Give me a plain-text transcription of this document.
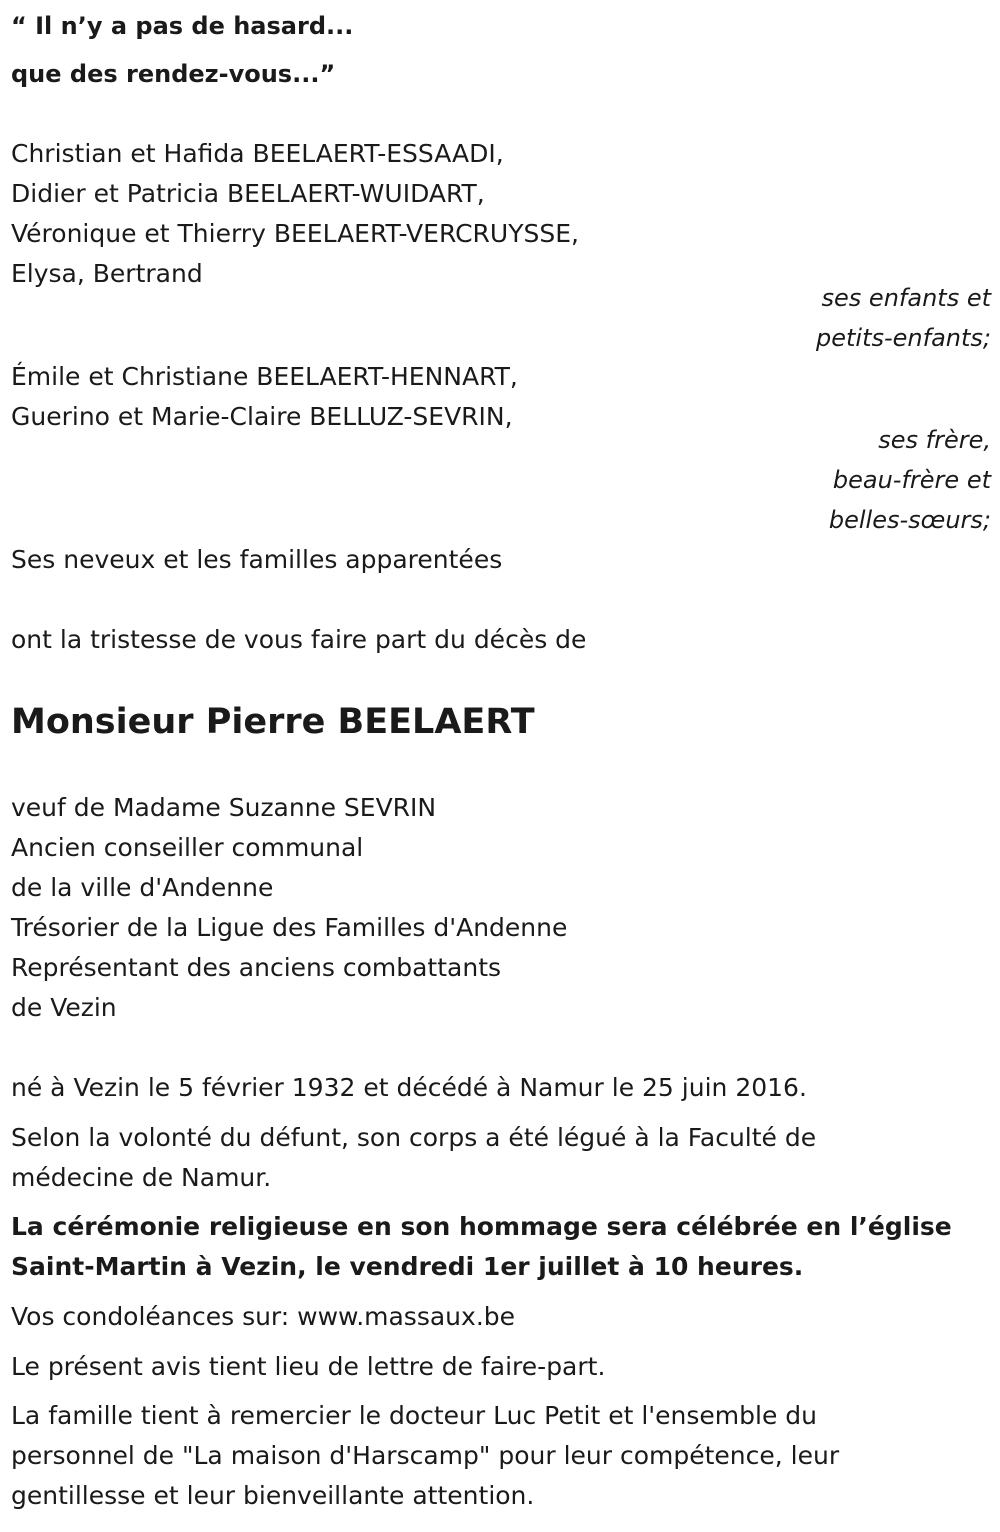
“ Il n’y a pas de hasard...
que des rendez-vous...”
Christian et Hafida BEELAERT-ESSAADI,
Didier et Patricia BEELAERT-WUIDART,
Véronique et Thierry BEELAERT-VERCRUYSSE,
Elysa, Bertrand
ses enfants et
petits-enfants;
Émile et Christiane BEELAERT-HENNART,
Guerino et Marie-Claire BELLUZ-SEVRIN,
ses frère,
beau-frère et
belles-sœurs;
Ses neveux et les familles apparentées
ont la tristesse de vous faire part du décès de
Monsieur Pierre BEELAERT
veuf de Madame Suzanne SEVRIN
Ancien conseiller communal
de la ville d'Andenne
Trésorier de la Ligue des Familles d'Andenne
Représentant des anciens combattants
de Vezin
né à Vezin le 5 février 1932 et décédé à Namur le 25 juin 2016.
Selon la volonté du défunt, son corps a été légué à la Faculté de
médecine de Namur.
La cérémonie religieuse en son hommage sera célébrée en l’église
Saint-Martin à Vezin, le vendredi 1er juillet à 10 heures.
Vos condoléances sur: www.massaux.be
Le présent avis tient lieu de lettre de faire-part.
La famille tient à remercier le docteur Luc Petit et l'ensemble du
personnel de "La maison d'Harscamp" pour leur compétence, leur
gentillesse et leur bienveillante attention.
